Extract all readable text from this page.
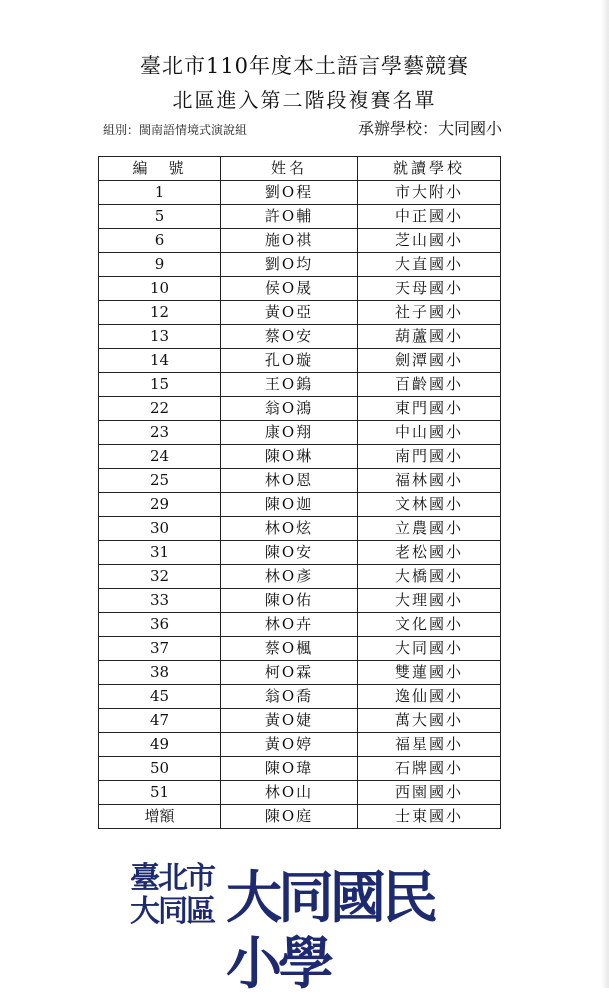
臺北市110年度本土語言學藝競賽
北區進入第二階段複賽名單
組別：閩南語情境式演說組	承辦學校：大同國小
編　號	姓名	就讀學校
1	劉O程	市大附小
5	許O輔	中正國小
6	施O祺	芝山國小
9	劉O均	大直國小
10	侯O晟	天母國小
12	黃O亞	社子國小
13	蔡O安	葫蘆國小
14	孔O璇	劍潭國小
15	王O鎢	百齡國小
22	翁O鴻	東門國小
23	康O翔	中山國小
24	陳O琳	南門國小
25	林O恩	福林國小
29	陳O迦	文林國小
30	林O炫	立農國小
31	陳O安	老松國小
32	林O彥	大橋國小
33	陳O佑	大理國小
36	林O卉	文化國小
37	蔡O楓	大同國小
38	柯O霖	雙蓮國小
45	翁O喬	逸仙國小
47	黃O婕	萬大國小
49	黃O婷	福星國小
50	陳O瑋	石牌國小
51	林O山	西園國小
增額	陳O庭	士東國小
臺北市
大同區 大同國民小學
